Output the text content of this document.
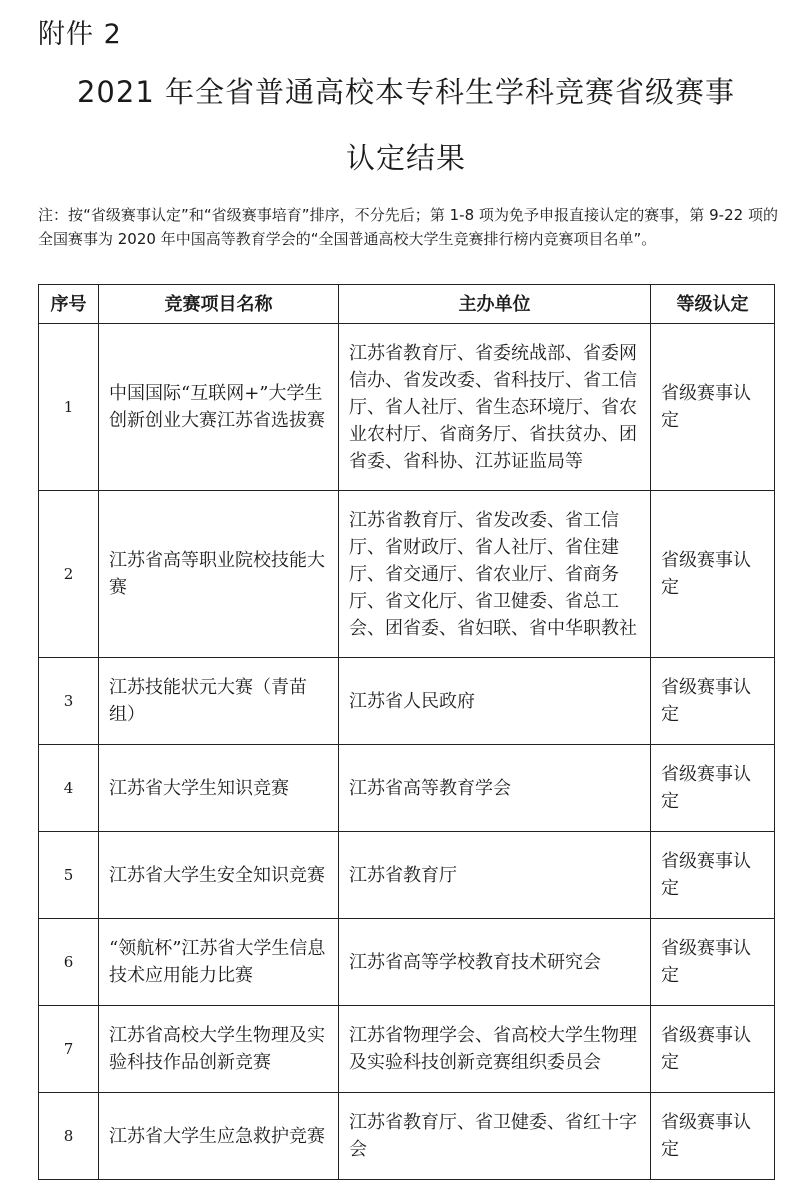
附件 2
2021 年全省普通高校本专科生学科竞赛省级赛事
认定结果
注：按“省级赛事认定”和“省级赛事培育”排序，不分先后；第 1-8 项为免予申报直接认定的赛事，第 9-22 项的全国赛事为 2020 年中国高等教育学会的“全国普通高校大学生竞赛排行榜内竞赛项目名单”。
序号	竞赛项目名称	主办单位	等级认定
1	中国国际“互联网+”大学生创新创业大赛江苏省选拔赛	江苏省教育厅、省委统战部、省委网信办、省发改委、省科技厅、省工信厅、省人社厅、省生态环境厅、省农业农村厅、省商务厅、省扶贫办、团省委、省科协、江苏证监局等	省级赛事认定
2	江苏省高等职业院校技能大赛	江苏省教育厅、省发改委、省工信厅、省财政厅、省人社厅、省住建厅、省交通厅、省农业厅、省商务厅、省文化厅、省卫健委、省总工会、团省委、省妇联、省中华职教社	省级赛事认定
3	江苏技能状元大赛（青苗组）	江苏省人民政府	省级赛事认定
4	江苏省大学生知识竞赛	江苏省高等教育学会	省级赛事认定
5	江苏省大学生安全知识竞赛	江苏省教育厅	省级赛事认定
6	“领航杯”江苏省大学生信息技术应用能力比赛	江苏省高等学校教育技术研究会	省级赛事认定
7	江苏省高校大学生物理及实验科技作品创新竞赛	江苏省物理学会、省高校大学生物理及实验科技创新竞赛组织委员会	省级赛事认定
8	江苏省大学生应急救护竞赛	江苏省教育厅、省卫健委、省红十字会	省级赛事认定
